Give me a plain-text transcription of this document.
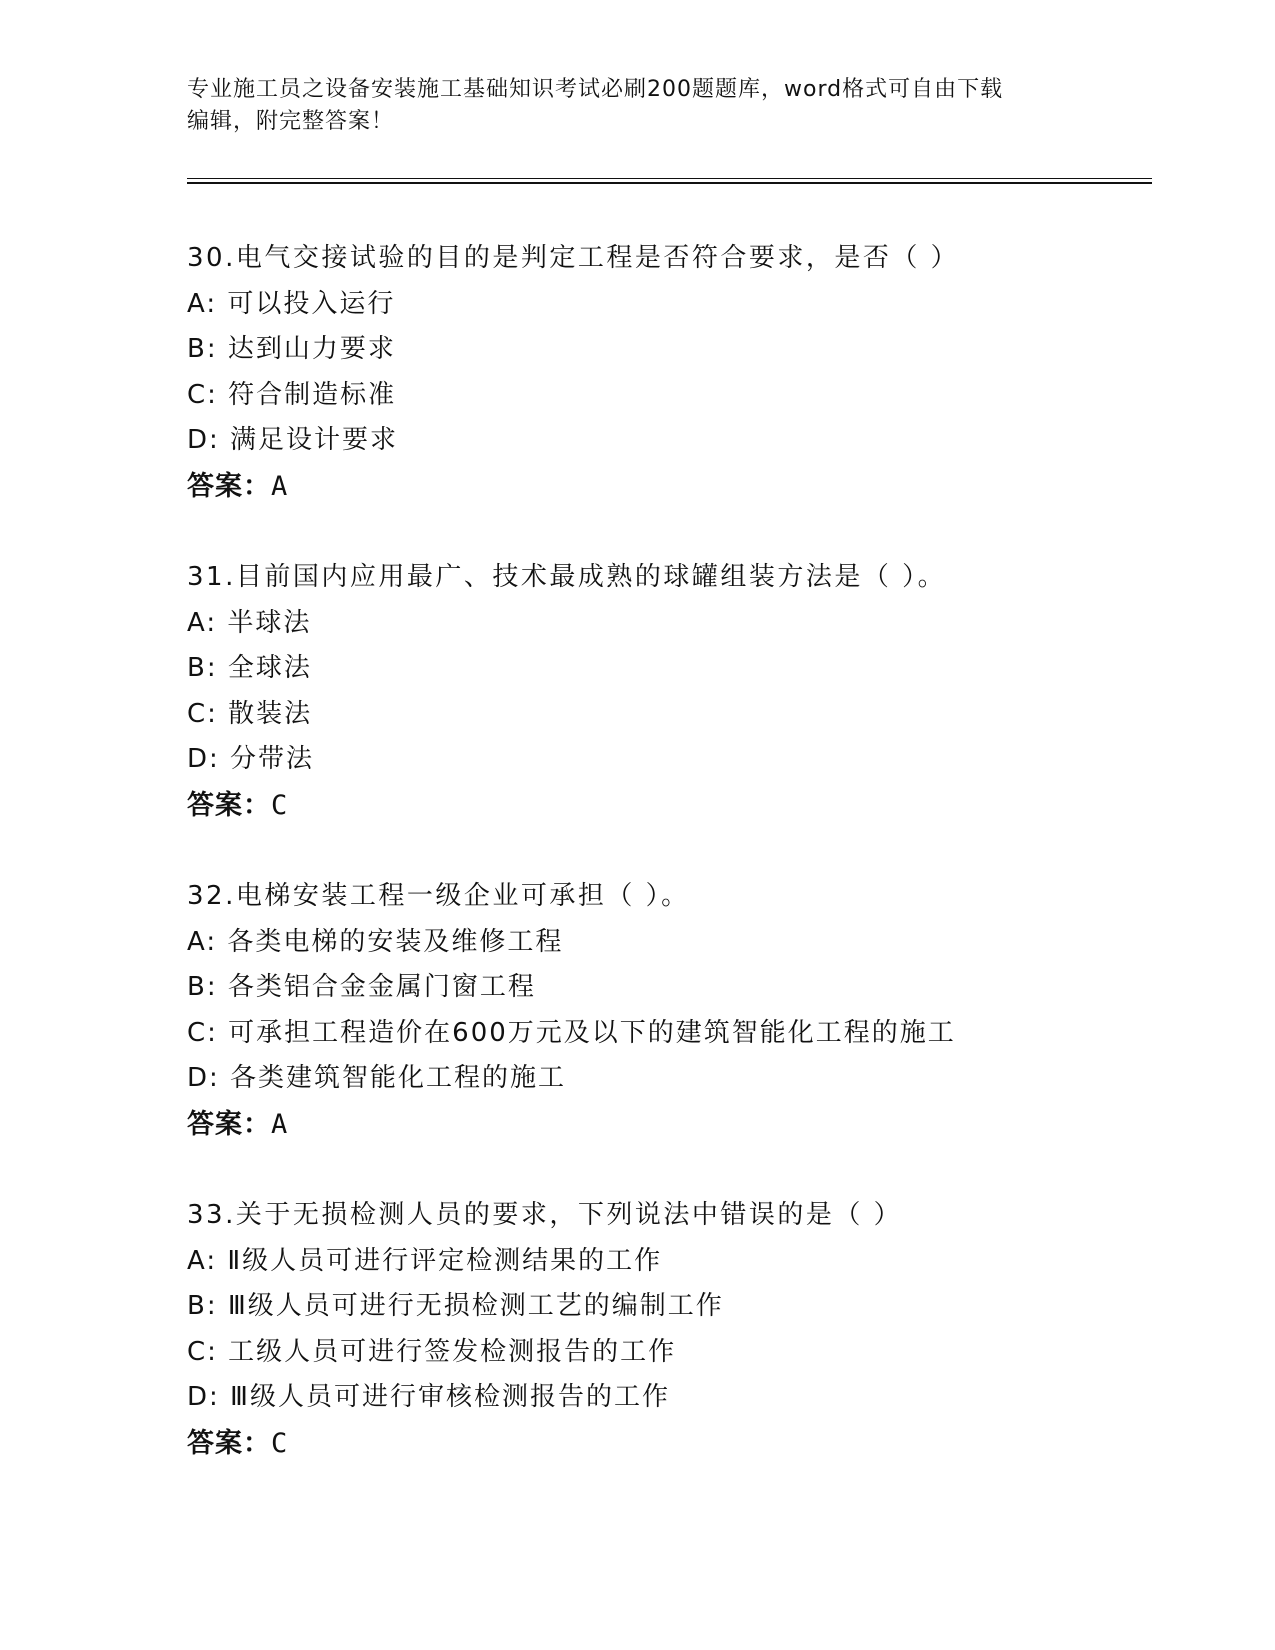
专业施工员之设备安装施工基础知识考试必刷200题题库，word格式可自由下载
编辑，附完整答案！
30.电气交接试验的目的是判定工程是否符合要求，是否（ ）
A: 可以投入运行
B: 达到山力要求
C: 符合制造标准
D: 满足设计要求
答案：A
31.目前国内应用最广、技术最成熟的球罐组装方法是（ ）。
A: 半球法
B: 全球法
C: 散装法
D: 分带法
答案：C
32.电梯安装工程一级企业可承担（ ）。
A: 各类电梯的安装及维修工程
B: 各类铝合金金属门窗工程
C: 可承担工程造价在600万元及以下的建筑智能化工程的施工
D: 各类建筑智能化工程的施工
答案：A
33.关于无损检测人员的要求，下列说法中错误的是（ ）
A: Ⅱ级人员可进行评定检测结果的工作
B: Ⅲ级人员可进行无损检测工艺的编制工作
C: 工级人员可进行签发检测报告的工作
D: Ⅲ级人员可进行审核检测报告的工作
答案：C
